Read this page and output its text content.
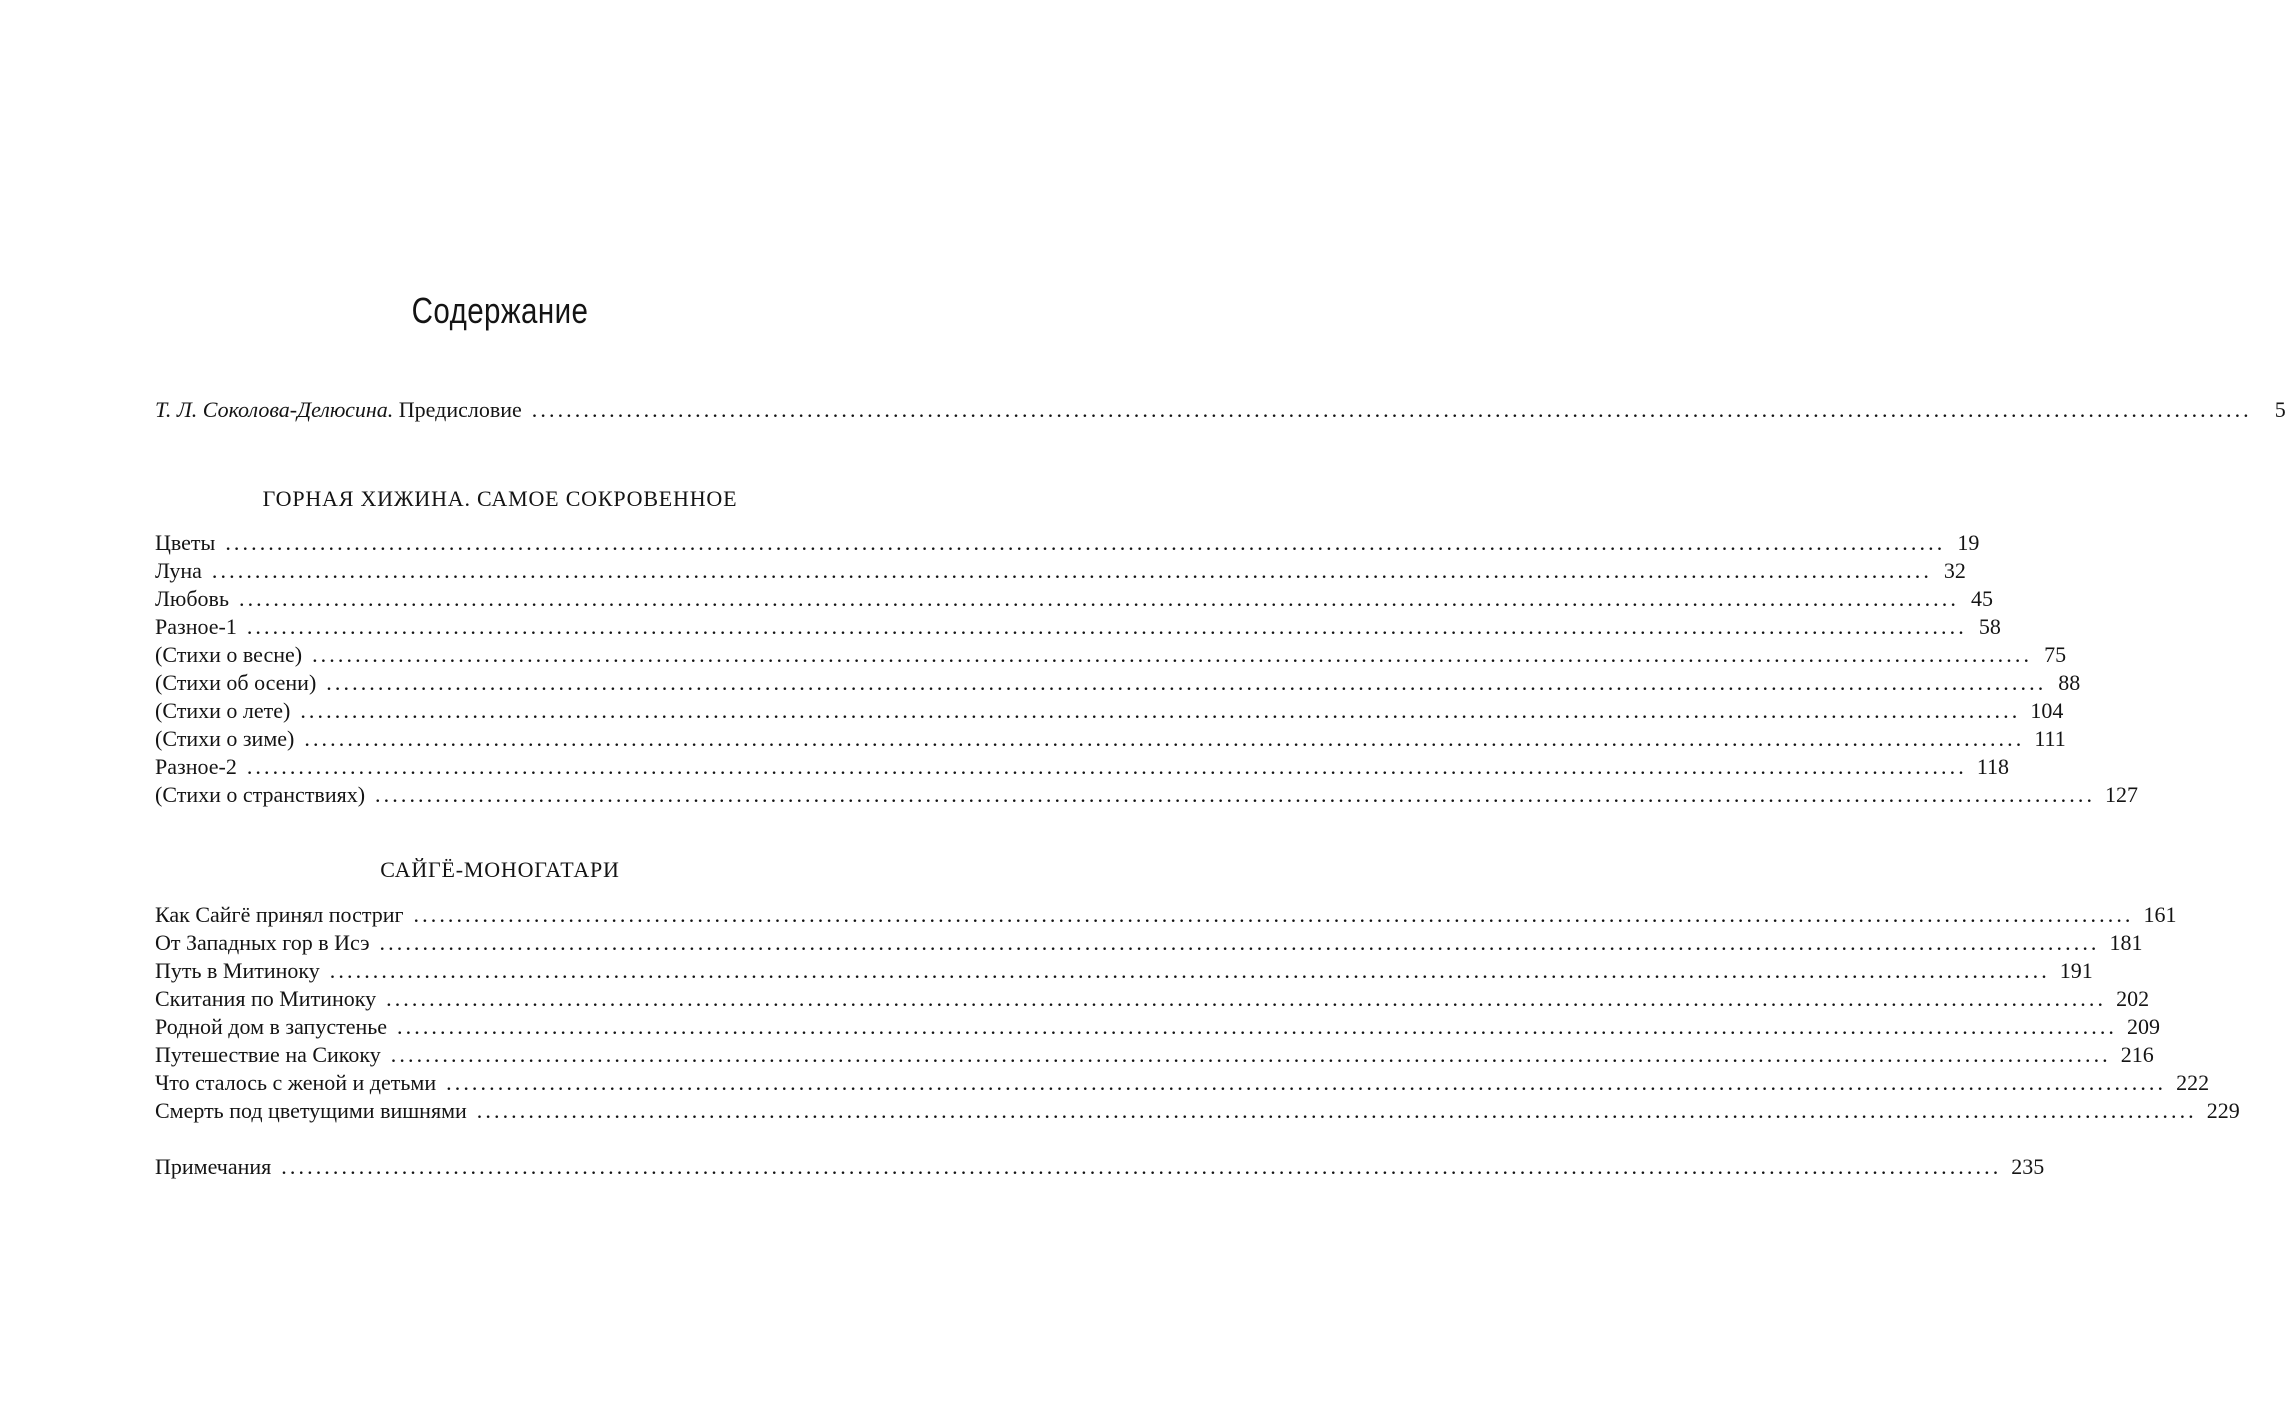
Содержание
Т. Л. Соколова-Делюсина. Предисловие ........................................................................................................................................................................................................	5
ГОРНАЯ ХИЖИНА. САМОЕ СОКРОВЕННОЕ
Цветы ........................................................................................................................................................................................................ 19
Луна ........................................................................................................................................................................................................ 32
Любовь ........................................................................................................................................................................................................ 45
Разное-1 ........................................................................................................................................................................................................ 58
(Стихи о весне) ........................................................................................................................................................................................................ 75
(Стихи об осени) ........................................................................................................................................................................................................ 88
(Стихи о лете) ........................................................................................................................................................................................................ 104
(Стихи о зиме) ........................................................................................................................................................................................................ 111
Разное-2 ........................................................................................................................................................................................................ 118
(Стихи о странствиях) ........................................................................................................................................................................................................ 127
САЙГЁ-МОНОГАТАРИ
Как Сайгё принял постриг ........................................................................................................................................................................................................ 161
От Западных гор в Исэ ........................................................................................................................................................................................................ 181
Путь в Митиноку ........................................................................................................................................................................................................ 191
Скитания по Митиноку ........................................................................................................................................................................................................ 202
Родной дом в запустенье ........................................................................................................................................................................................................ 209
Путешествие на Сикоку ........................................................................................................................................................................................................ 216
Что сталось с женой и детьми ........................................................................................................................................................................................................ 222
Смерть под цветущими вишнями ........................................................................................................................................................................................................ 229
Примечания ........................................................................................................................................................................................................ 235
